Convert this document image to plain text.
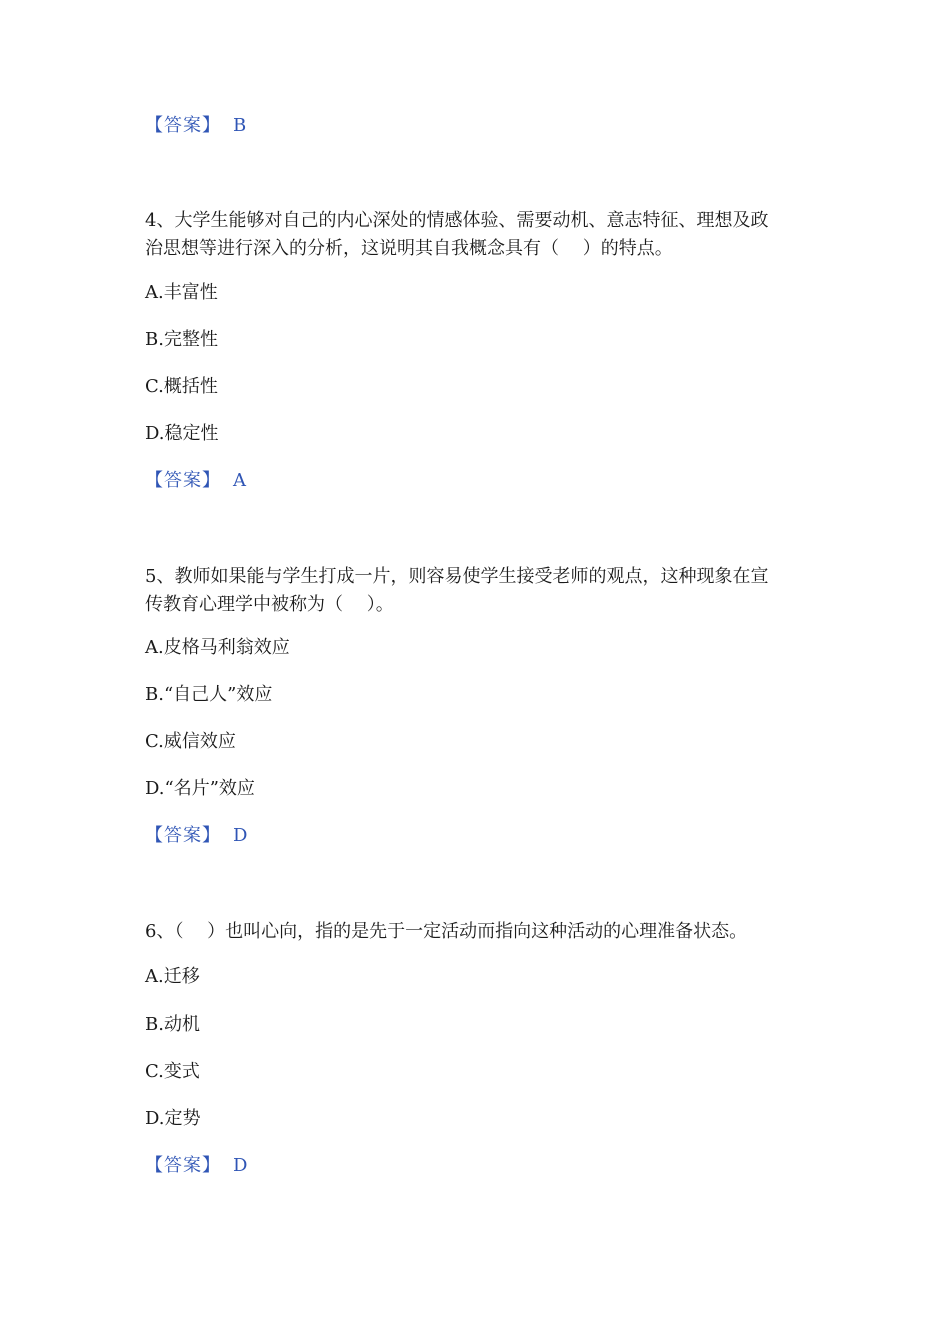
【答案】 B
4、大学生能够对自己的内心深处的情感体验、需要动机、意志特征、理想及政
治思想等进行深入的分析，这说明其自我概念具有（　 ）的特点。
A.丰富性
B.完整性
C.概括性
D.稳定性
【答案】 A
5、教师如果能与学生打成一片，则容易使学生接受老师的观点，这种现象在宣
传教育心理学中被称为（　 ）。
A.皮格马利翁效应
B.“自己人”效应
C.威信效应
D.“名片”效应
【答案】 D
6、（　 ）也叫心向，指的是先于一定活动而指向这种活动的心理准备状态。
A.迁移
B.动机
C.变式
D.定势
【答案】 D
